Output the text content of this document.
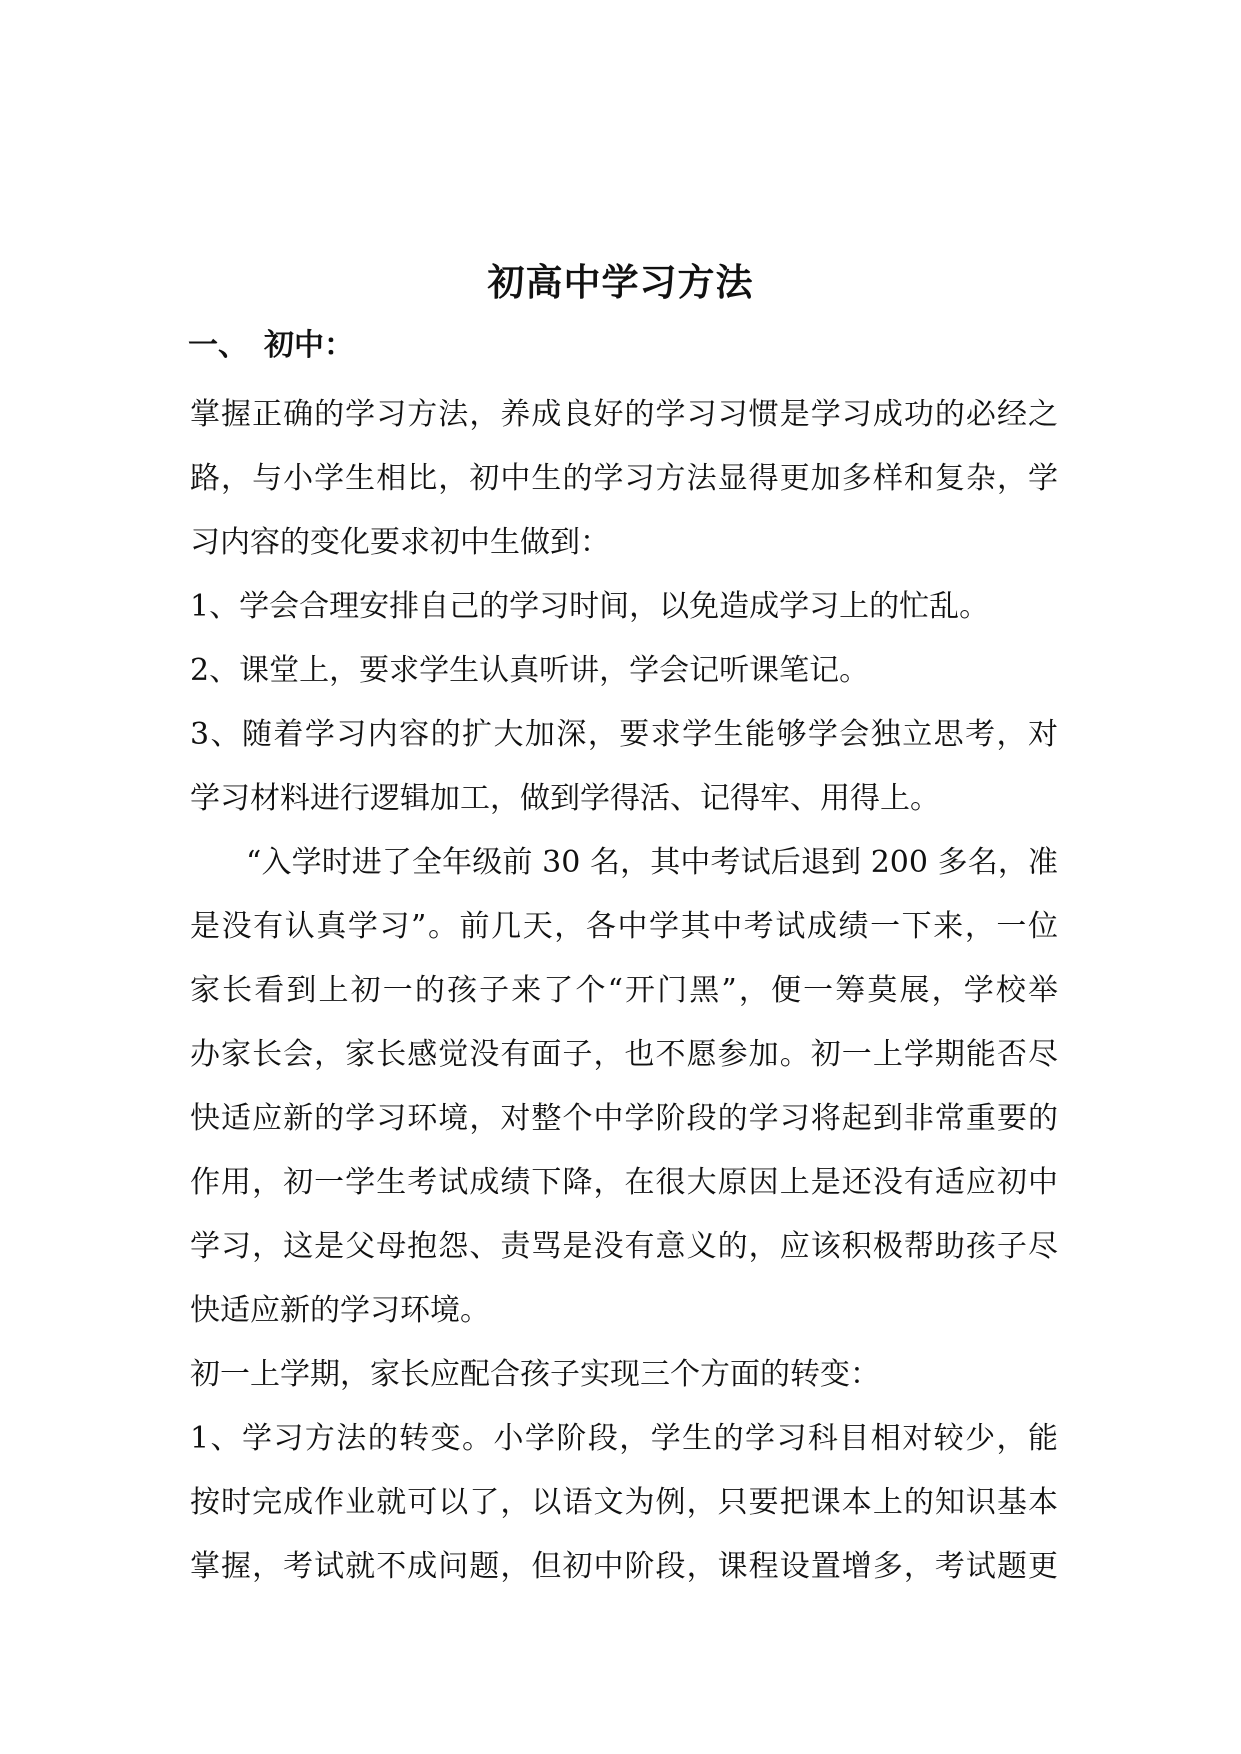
初高中学习方法
一、 初中：
掌握正确的学习方法，养成良好的学习习惯是学习成功的必经之
路，与小学生相比，初中生的学习方法显得更加多样和复杂，学
习内容的变化要求初中生做到：
1、学会合理安排自己的学习时间，以免造成学习上的忙乱。
2、课堂上，要求学生认真听讲，学会记听课笔记。
3、随着学习内容的扩大加深，要求学生能够学会独立思考，对
学习材料进行逻辑加工，做到学得活、记得牢、用得上。
“入学时进了全年级前 30 名，其中考试后退到 200 多名，准
是没有认真学习”。前几天，各中学其中考试成绩一下来，一位
家长看到上初一的孩子来了个“开门黑”，便一筹莫展，学校举
办家长会，家长感觉没有面子，也不愿参加。初一上学期能否尽
快适应新的学习环境，对整个中学阶段的学习将起到非常重要的
作用，初一学生考试成绩下降，在很大原因上是还没有适应初中
学习，这是父母抱怨、责骂是没有意义的，应该积极帮助孩子尽
快适应新的学习环境。
初一上学期，家长应配合孩子实现三个方面的转变：
1、学习方法的转变。小学阶段，学生的学习科目相对较少，能
按时完成作业就可以了，以语文为例，只要把课本上的知识基本
掌握，考试就不成问题，但初中阶段，课程设置增多，考试题更
